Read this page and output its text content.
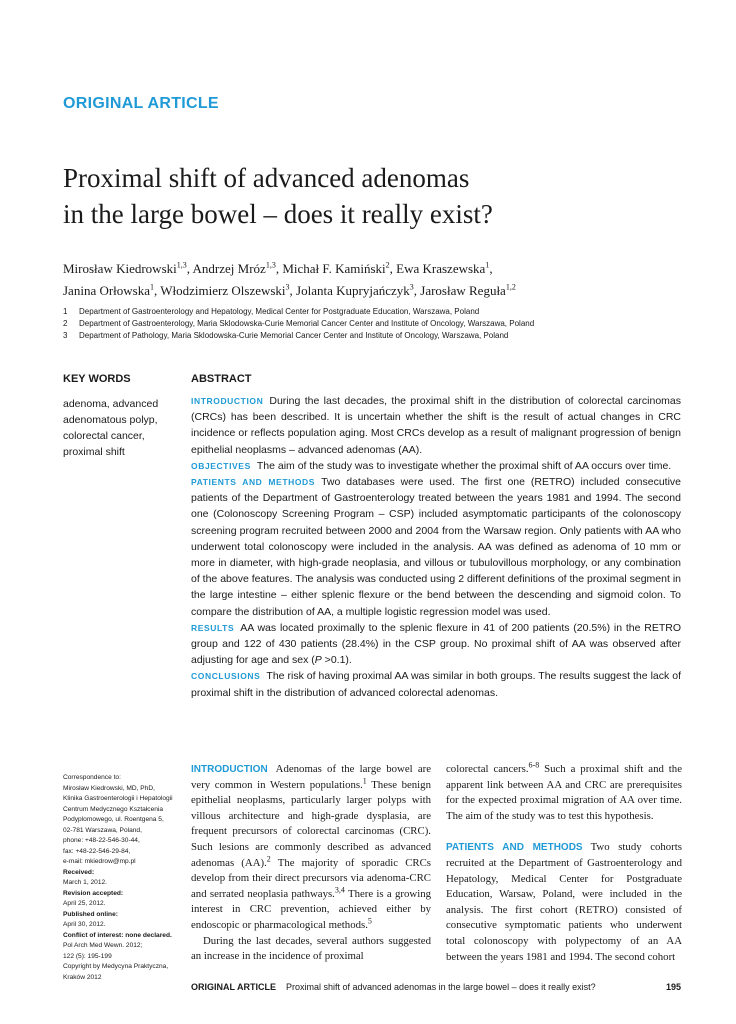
ORIGINAL ARTICLE
Proximal shift of advanced adenomas
in the large bowel – does it really exist?
Mirosław Kiedrowski$^{1,3}$, Andrzej Mróz$^{1,3}$, Michał F. Kamiński$^2$, Ewa Kraszewska$^1$,
Janina Orłowska$^1$, Włodzimierz Olszewski$^3$, Jolanta Kupryjańczyk$^3$, Jarosław Reguła$^{1,2}$
1	Department of Gastroenterology and Hepatology, Medical Center for Postgraduate Education, Warszawa, Poland
2	Department of Gastroenterology, Maria Sklodowska-Curie Memorial Cancer Center and Institute of Oncology, Warszawa, Poland
3	Department of Pathology, Maria Sklodowska-Curie Memorial Cancer Center and Institute of Oncology, Warszawa, Poland
KEY WORDS
adenoma, advanced
adenomatous polyp,
colorectal cancer,
proximal shift
ABSTRACT

INTRODUCTION During the last decades, the proximal shift in the distribution of colorectal carcinomas (CRCs) has been described. It is uncertain whether the shift is the result of actual changes in CRC incidence or reflects population aging. Most CRCs develop as a result of malignant progression of benign epithelial neoplasms – advanced adenomas (AA).

OBJECTIVES The aim of the study was to investigate whether the proximal shift of AA occurs over time.

PATIENTS AND METHODS Two databases were used. The first one (RETRO) included consecutive patients of the Department of Gastroenterology treated between the years 1981 and 1994. The second one (Colonoscopy Screening Program – CSP) included asymptomatic participants of the colonoscopy screening program recruited between 2000 and 2004 from the Warsaw region. Only patients with AA who underwent total colonoscopy were included in the analysis. AA was defined as adenoma of 10 mm or more in diameter, with high-grade neoplasia, and villous or tubulovillous morphology, or any combination of the above features. The analysis was conducted using 2 different definitions of the proximal segment in the large intestine – either splenic flexure or the bend between the descending and sigmoid colon. To compare the distribution of AA, a multiple logistic regression model was used.

RESULTS AA was located proximally to the splenic flexure in 41 of 200 patients (20.5%) in the RETRO group and 122 of 430 patients (28.4%) in the CSP group. No proximal shift of AA was observed after adjusting for age and sex (P >0.1).

CONCLUSIONS The risk of having proximal AA was similar in both groups. The results suggest the lack of proximal shift in the distribution of advanced colorectal adenomas.

Correspondence to:
Mirosław Kiedrowski, MD, PhD,
Klinika Gastroenterologii i Hepatologii
Centrum Medycznego Kształcenia
Podyplomowego, ul. Roentgena 5,
02-781 Warszawa, Poland,
phone: +48-22-546-30-44,
fax: +48-22-546-29-84,
e-mail: mkiedrow@mp.pl
Received:
March 1, 2012.
Revision accepted:
April 25, 2012.
Published online:
April 30, 2012.
Conflict of interest: none declared.
Pol Arch Med Wewn. 2012;
122 (5): 195-199
Copyright by Medycyna Praktyczna,
Kraków 2012

INTRODUCTION Adenomas of the large bowel are very common in Western populations.$^1$ These benign epithelial neoplasms, particularly larger polyps with villous architecture and high-grade dysplasia, are frequent precursors of colorectal carcinomas (CRC). Such lesions are commonly described as advanced adenomas (AA).$^2$ The majority of sporadic CRCs develop from their direct precursors via adenoma-CRC and serrated neoplasia pathways.$^{3,4}$ There is a growing interest in CRC prevention, achieved either by endoscopic or pharmacological methods.$^5$

During the last decades, several authors suggested an increase in the incidence of proximal

colorectal cancers.$^{6-8}$ Such a proximal shift and the apparent link between AA and CRC are prerequisites for the expected proximal migration of AA over time. The aim of the study was to test this hypothesis.

PATIENTS AND METHODS Two study cohorts recruited at the Department of Gastroenterology and Hepatology, Medical Center for Postgraduate Education, Warsaw, Poland, were included in the analysis. The first cohort (RETRO) consisted of consecutive symptomatic patients who underwent total colonoscopy with polypectomy of an AA between the years 1981 and 1994. The second cohort

ORIGINAL ARTICLE Proximal shift of advanced adenomas in the large bowel – does it really exist?	195
